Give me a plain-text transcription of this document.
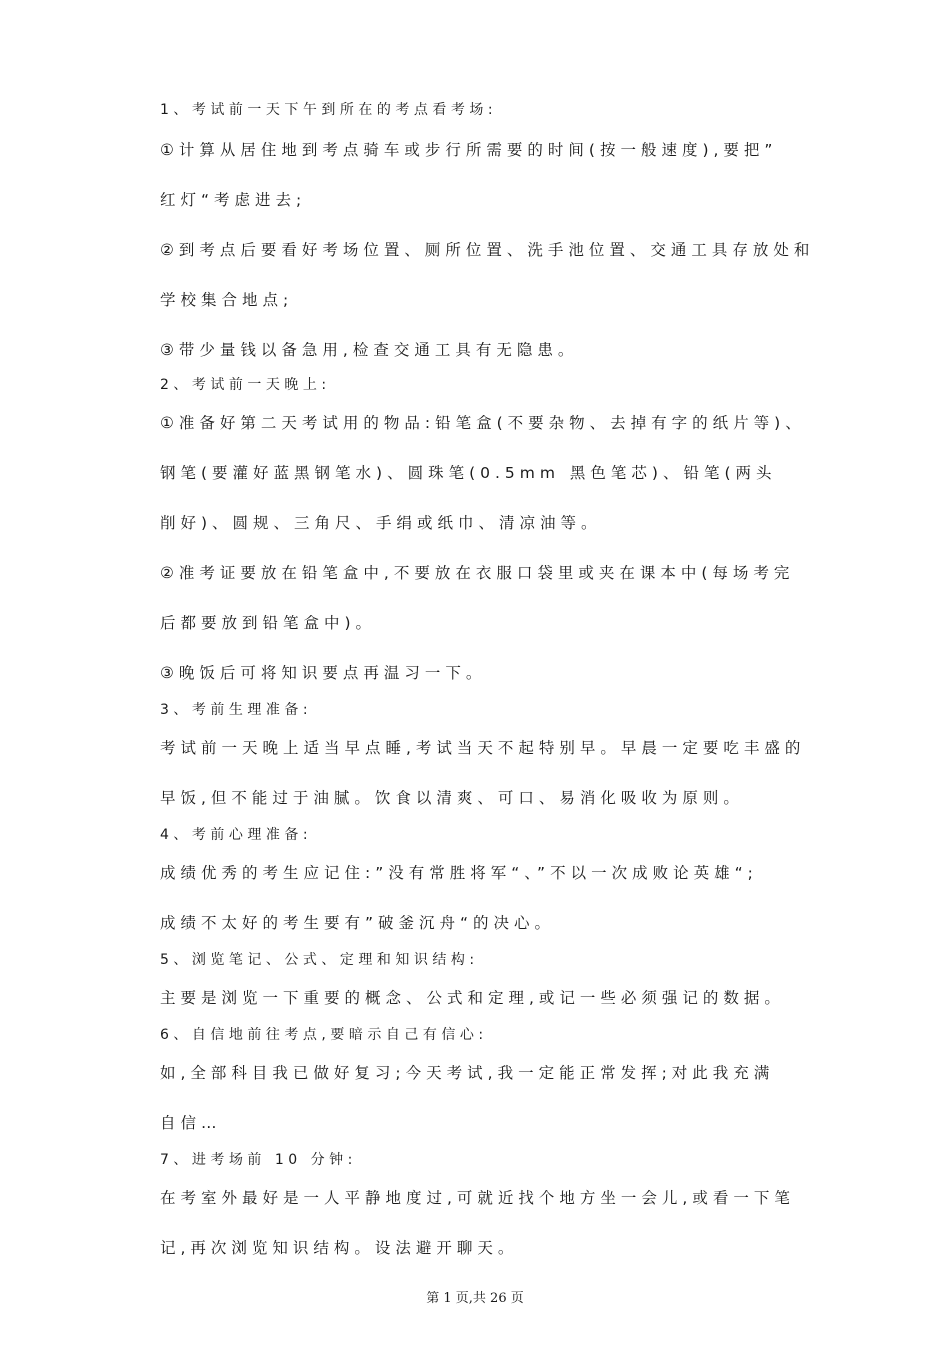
1、考试前一天下午到所在的考点看考场:

①计算从居住地到考点骑车或步行所需要的时间(按一般速度),要把”

红灯“考虑进去;

②到考点后要看好考场位置、厕所位置、洗手池位置、交通工具存放处和

学校集合地点;

③带少量钱以备急用,检查交通工具有无隐患。

2、考试前一天晚上:

①准备好第二天考试用的物品:铅笔盒(不要杂物、去掉有字的纸片等)、

钢笔(要灌好蓝黑钢笔水)、圆珠笔(0.5mm 黑色笔芯)、铅笔(两头

削好)、圆规、三角尺、手绢或纸巾、清凉油等。

②准考证要放在铅笔盒中,不要放在衣服口袋里或夹在课本中(每场考完

后都要放到铅笔盒中)。

③晚饭后可将知识要点再温习一下。

3、考前生理准备:

考试前一天晚上适当早点睡,考试当天不起特别早。早晨一定要吃丰盛的

早饭,但不能过于油腻。饮食以清爽、可口、易消化吸收为原则。

4、考前心理准备:

成绩优秀的考生应记住:”没有常胜将军“、”不以一次成败论英雄“;

成绩不太好的考生要有”破釜沉舟“的决心。

5、浏览笔记、公式、定理和知识结构:

主要是浏览一下重要的概念、公式和定理,或记一些必须强记的数据。

6、自信地前往考点,要暗示自己有信心:

如,全部科目我已做好复习;今天考试,我一定能正常发挥;对此我充满

自信…

7、进考场前 10 分钟:

在考室外最好是一人平静地度过,可就近找个地方坐一会儿,或看一下笔

记,再次浏览知识结构。设法避开聊天。

第 1 页,共 26 页
